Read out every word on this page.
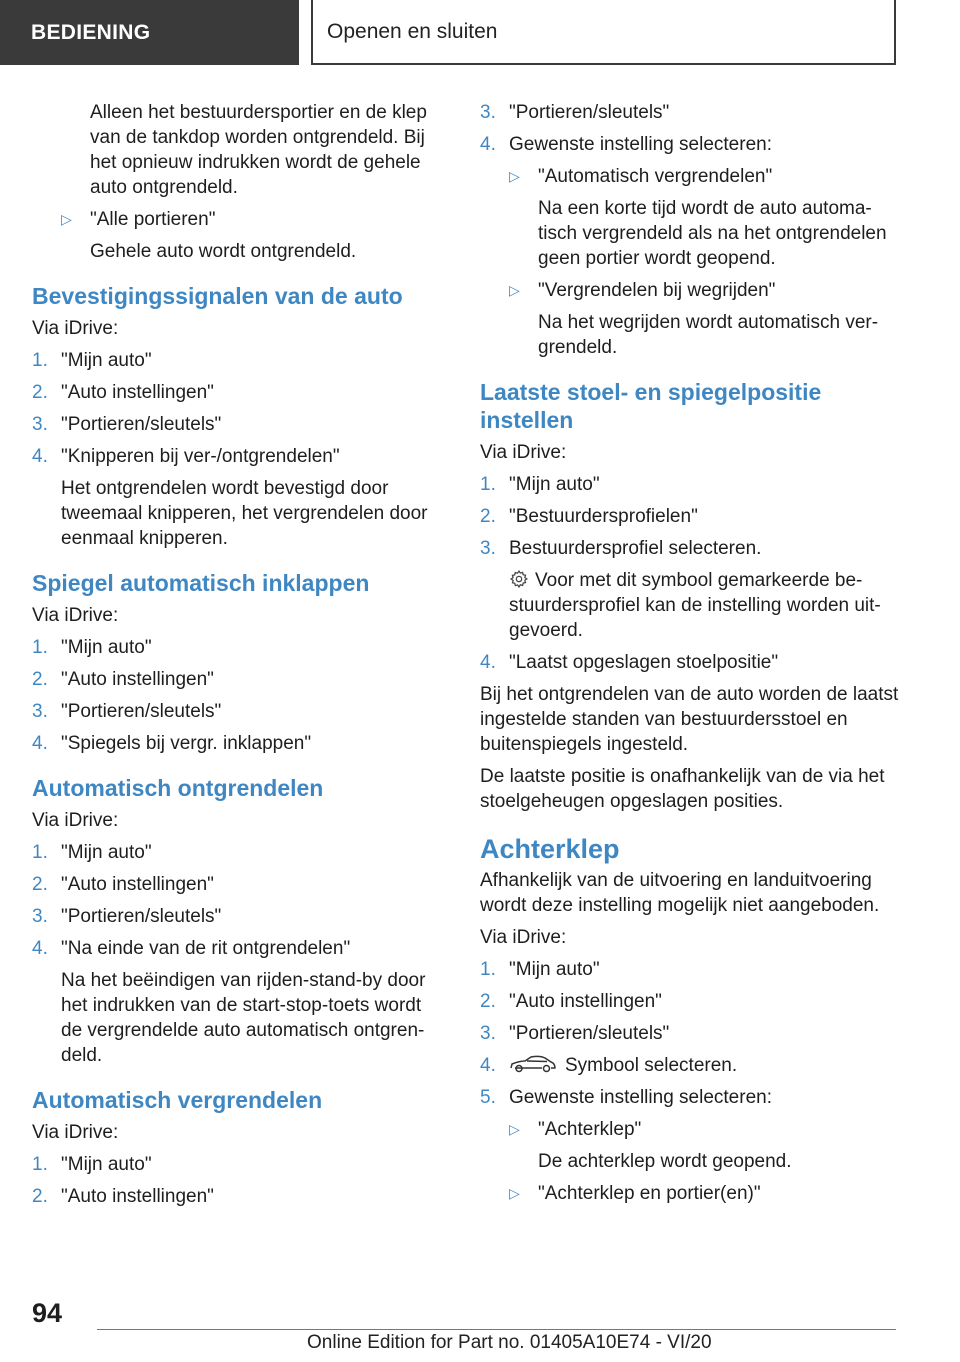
BEDIENING	Openen en sluiten

Alleen het bestuurdersportier en de klep van de tankdop worden ontgrendeld. Bij het opnieuw indrukken wordt de gehele auto ontgrendeld.

▷ "Alle portieren"

Gehele auto wordt ontgrendeld.

Bevestigingssignalen van de auto

Via iDrive:

1. "Mijn auto"
2. "Auto instellingen"
3. "Portieren/sleutels"
4. "Knipperen bij ver-/ontgrendelen"

Het ontgrendelen wordt bevestigd door tweemaal knipperen, het vergrendelen door eenmaal knipperen.

Spiegel automatisch inklappen

Via iDrive:

1. "Mijn auto"
2. "Auto instellingen"
3. "Portieren/sleutels"
4. "Spiegels bij vergr. inklappen"
Automatisch ontgrendelen

Via iDrive:

1. "Mijn auto"
2. "Auto instellingen"
3. "Portieren/sleutels"
4. "Na einde van de rit ontgrendelen"

Na het beëindigen van rijden-stand-by door het indrukken van de start-stop-toets wordt de vergrendelde auto automatisch ontgren-deld.

Automatisch vergrendelen

Via iDrive:

1. "Mijn auto"
2. "Auto instellingen"
3. "Portieren/sleutels"
4. Gewenste instelling selecteren:
▷ "Automatisch vergrendelen"

Na een korte tijd wordt de auto automa-tisch vergrendeld als na het ontgrendelen geen portier wordt geopend.

▷ "Vergrendelen bij wegrijden"

Na het wegrijden wordt automatisch ver-grendeld.

Laatste stoel- en spiegelpositie instellen

Via iDrive:

1. "Mijn auto"
2. "Bestuurdersprofielen"
3. Bestuurdersprofiel selecteren.

Voor met dit symbool gemarkeerde be-stuurdersprofiel kan de instelling worden uit-gevoerd.

4. "Laatst opgeslagen stoelpositie"

Bij het ontgrendelen van de auto worden de laatst ingestelde standen van bestuurdersstoel en buitenspiegels ingesteld.

De laatste positie is onafhankelijk van de via het stoelgeheugen opgeslagen posities.

Achterklep

Afhankelijk van de uitvoering en landuitvoering wordt deze instelling mogelijk niet aangeboden.

Via iDrive:

1. "Mijn auto"
2. "Auto instellingen"
3. "Portieren/sleutels"
4.	Symbool selecteren.
5. Gewenste instelling selecteren:
▷ "Achterklep"

De achterklep wordt geopend.

▷ "Achterklep en portier(en)"
94
Online Edition for Part no. 01405A10E74 - VI/20
